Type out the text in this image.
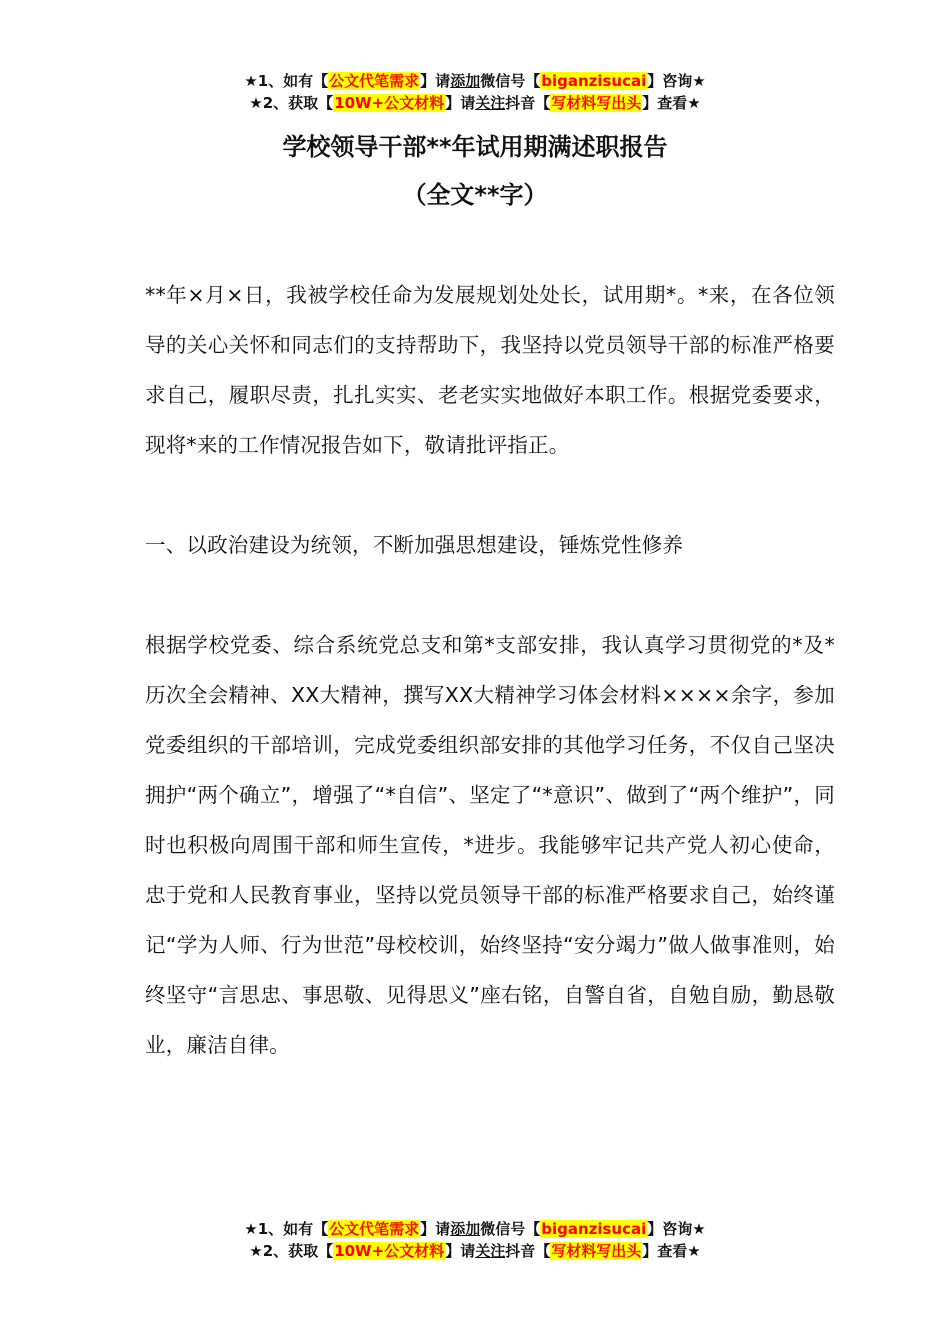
★1、如有【公文代笔需求】请添加微信号【biganzisucai】咨询★
★2、获取【10W+公文材料】请关注抖音【写材料写出头】查看★
学校领导干部**年试用期满述职报告
（全文**字）

**年×月×日，我被学校任命为发展规划处处长，试用期*。*来，在各位领导的关心关怀和同志们的支持帮助下，我坚持以党员领导干部的标准严格要求自己，履职尽责，扎扎实实、老老实实地做好本职工作。根据党委要求，现将*来的工作情况报告如下，敬请批评指正。

一、以政治建设为统领，不断加强思想建设，锤炼党性修养

根据学校党委、综合系统党总支和第*支部安排，我认真学习贯彻党的*及*历次全会精神、XX大精神，撰写XX大精神学习体会材料××××余字，参加党委组织的干部培训，完成党委组织部安排的其他学习任务，不仅自己坚决拥护“两个确立”，增强了“*自信”、坚定了“*意识”、做到了“两个维护”，同时也积极向周围干部和师生宣传，*进步。我能够牢记共产党人初心使命，忠于党和人民教育事业，坚持以党员领导干部的标准严格要求自己，始终谨记“学为人师、行为世范”母校校训，始终坚持“安分竭力”做人做事准则，始终坚守“言思忠、事思敬、见得思义”座右铭，自警自省，自勉自励，勤恳敬业，廉洁自律。

★1、如有【公文代笔需求】请添加微信号【biganzisucai】咨询★
★2、获取【10W+公文材料】请关注抖音【写材料写出头】查看★
